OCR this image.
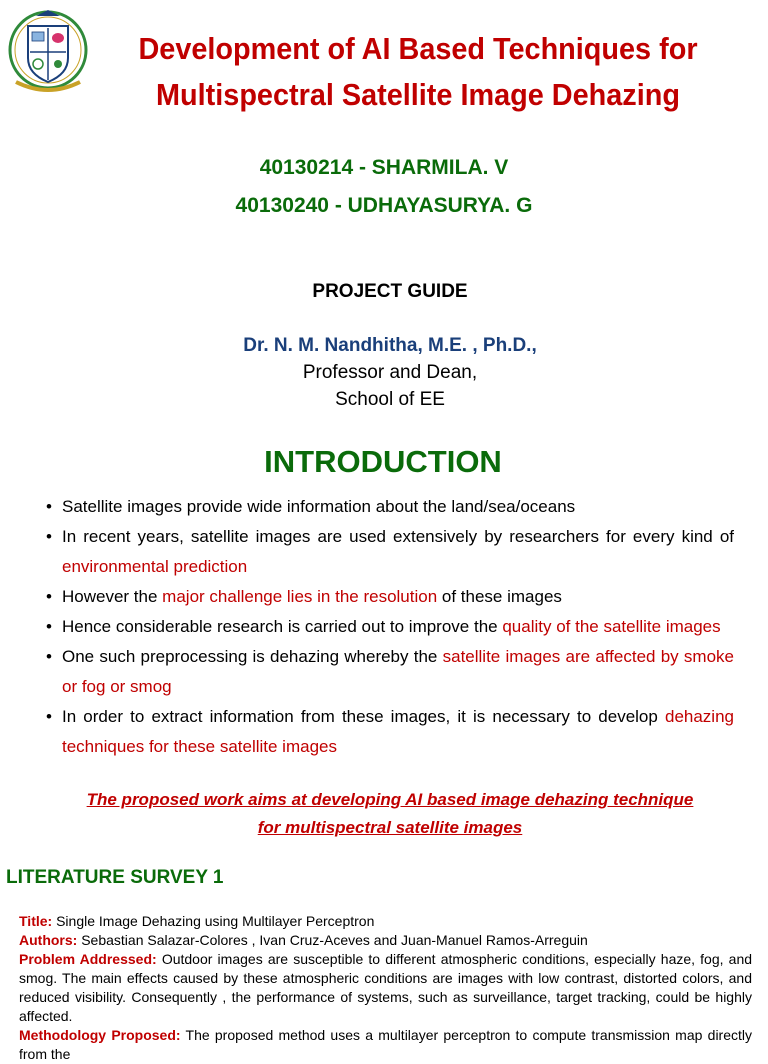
Development of AI Based Techniques for
Multispectral Satellite Image Dehazing
40130214 - SHARMILA. V
40130240 - UDHAYASURYA. G
PROJECT GUIDE
Dr. N. M. Nandhitha, M.E. , Ph.D.,
Professor and Dean,
School of EE
INTRODUCTION
• Satellite images provide wide information about the land/sea/oceans
• In recent years, satellite images are used extensively by researchers for every kind of environmental prediction
• However the major challenge lies in the resolution of these images
• Hence considerable research is carried out to improve the quality of the satellite images
• One such preprocessing is dehazing whereby the satellite images are affected by smoke or fog or smog
• In order to extract information from these images, it is necessary to develop dehazing techniques for these satellite images
The proposed work aims at developing AI based image dehazing technique for multispectral satellite images
LITERATURE SURVEY 1

Title: Single Image Dehazing using Multilayer Perceptron

Authors: Sebastian Salazar-Colores , Ivan Cruz-Aceves and Juan-Manuel Ramos-Arreguin

Problem Addressed: Outdoor images are susceptible to different atmospheric conditions, especially haze, fog, and smog. The main effects caused by these atmospheric conditions are images with low contrast, distorted colors, and reduced visibility. Consequently , the performance of systems, such as surveillance, target tracking, could be highly affected.

Methodology Proposed: The proposed method uses a multilayer perceptron to compute transmission map directly from the
